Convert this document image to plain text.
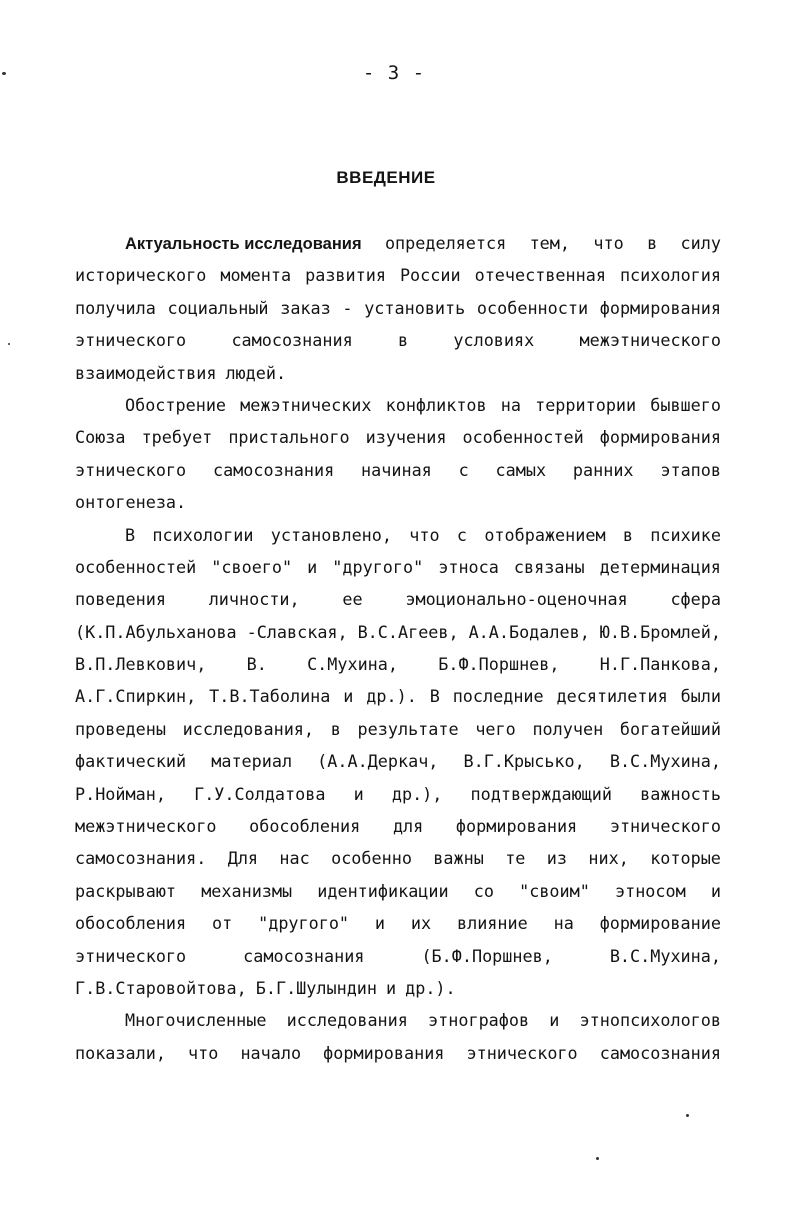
- 3 -
ВВЕДЕНИЕ
Актуальность исследования определяется тем, что в силу
исторического момента развития России отечественная психология
получила социальный заказ - установить особенности формирования
этнического	самосознания	в	условиях	межэтнического
взаимодействия людей.
Обострение межэтнических конфликтов на территории бывшего
Союза требует пристального изучения особенностей формирования
этнического самосознания начиная с самых ранних этапов
онтогенеза.
В психологии установлено, что с отображением в психике
особенностей "своего" и "другого" этноса связаны детерминация
поведения	личности,	ее	эмоционально-оценочная	сфера
(К.П.Абульханова -Славская, В.С.Агеев, А.А.Бодалев, Ю.В.Бромлей,
В.П.Левкович, В. С.Мухина, Б.Ф.Поршнев, Н.Г.Панкова,
А.Г.Спиркин, Т.В.Таболина и др.). В последние десятилетия были
проведены исследования, в результате чего получен богатейший
фактический материал (А.А.Деркач, В.Г.Крысько, В.С.Мухина,
Р.Нойман, Г.У.Солдатова и др.), подтверждающий важность
межэтнического обособления для формирования этнического
самосознания. Для нас особенно важны те из них, которые
раскрывают механизмы идентификации со "своим" этносом и
обособления от "другого" и их влияние на формирование
этнического	самосознания	(Б.Ф.Поршнев,	В.С.Мухина,
Г.В.Старовойтова, Б.Г.Шулындин и др.).
Многочисленные исследования этнографов и этнопсихологов
показали, что начало формирования этнического самосознания
